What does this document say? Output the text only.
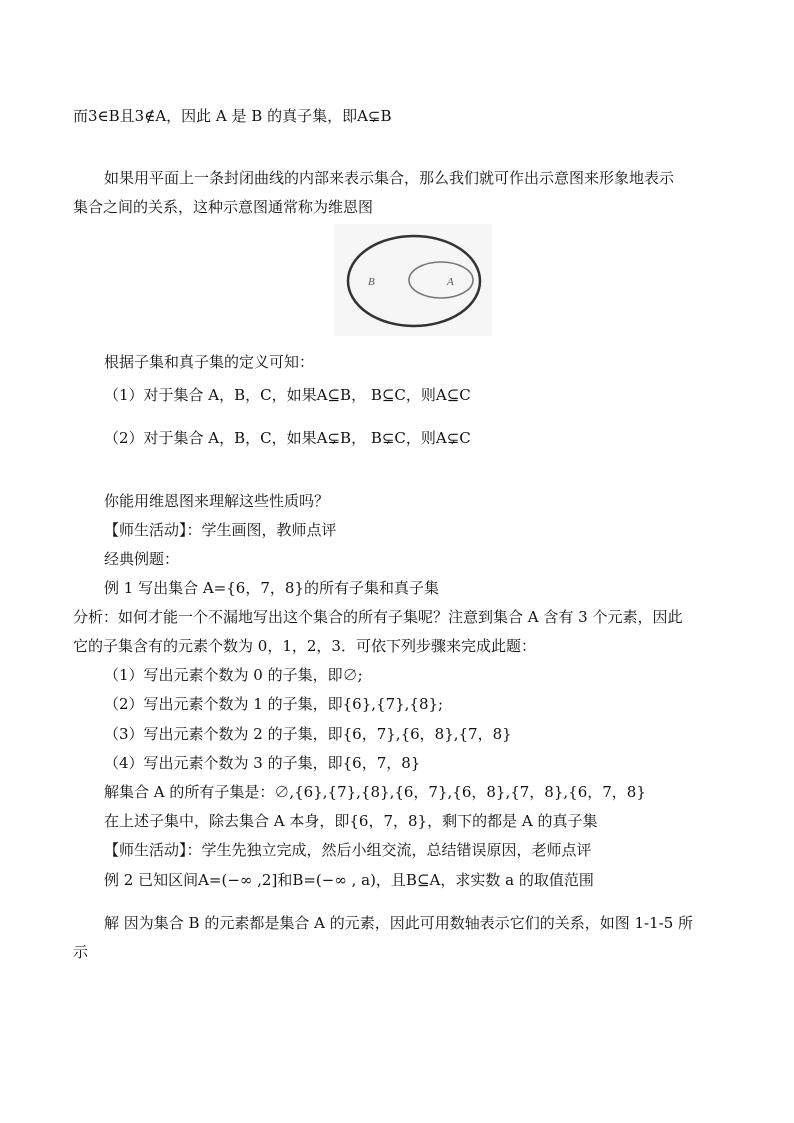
而3∈B且3∉A，因此 A 是 B 的真子集，即A⊊B
如果用平面上一条封闭曲线的内部来表示集合，那么我们就可作出示意图来形象地表示
集合之间的关系，这种示意图通常称为维恩图
B	A
根据子集和真子集的定义可知：
（1）对于集合 A，B，C，如果A⊆B， B⊆C，则A⊆C
（2）对于集合 A，B，C，如果A⊊B， B⊊C，则A⊊C
你能用维恩图来理解这些性质吗？
【师生活动】：学生画图，教师点评
经典例题：
例 1 写出集合 A={6，7，8}的所有子集和真子集
分析：如何才能一个不漏地写出这个集合的所有子集呢？注意到集合 A 含有 3 个元素，因此
它的子集含有的元素个数为 0，1，2，3．可依下列步骤来完成此题：
（1）写出元素个数为 0 的子集，即∅;
（2）写出元素个数为 1 的子集，即{6},{7},{8};
（3）写出元素个数为 2 的子集，即{6，7},{6，8},{7，8}
（4）写出元素个数为 3 的子集，即{6，7，8}
解集合 A 的所有子集是：∅,{6},{7},{8},{6，7},{6，8},{7，8},{6，7，8}
在上述子集中，除去集合 A 本身，即{6，7，8}，剩下的都是 A 的真子集
【师生活动】：学生先独立完成，然后小组交流，总结错误原因，老师点评
例 2 已知区间A=(−∞ ,2]和B=(−∞ , a)，且B⊆A，求实数 a 的取值范围
解 因为集合 B 的元素都是集合 A 的元素，因此可用数轴表示它们的关系，如图 1-1-5 所
示
